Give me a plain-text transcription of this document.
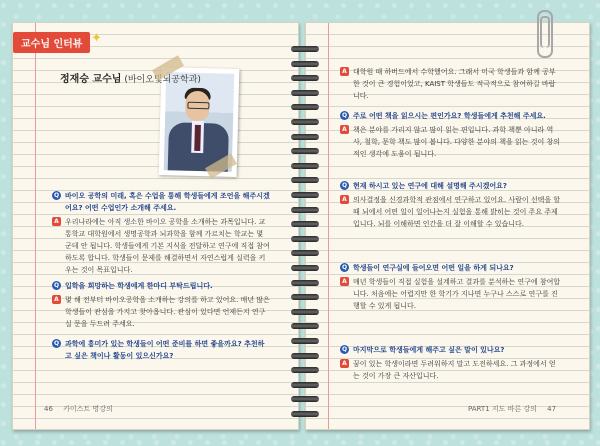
교수님 인터뷰 ✦
정재승 교수님 (바이오및뇌공학과)
Q 바이오 공학의 미래, 혹은 수업을 통해 학생들에게 조언을 해주시겠어요? 어떤 수업인가 소개해 주세요.
A 우리나라에는 아직 생소한 바이오 공학을 소개하는 과목입니다. 교통학교 대학원에서 생명공학과 뇌과학을 함께 가르치는 학교는 몇 군데 안 됩니다. 학생들에게 기본 지식을 전달하고 연구에 직접 참여하도록 합니다. 학생들이 문제를 해결하면서 자연스럽게 실력을 키우는 것이 목표입니다.
Q 입학을 희망하는 학생에게 한마디 부탁드립니다.
A 몇 해 전부터 바이오공학을 소개하는 강의를 하고 있어요. 매년 많은 학생들이 관심을 가지고 찾아옵니다. 관심이 있다면 언제든지 연구실 문을 두드려 주세요.
Q 과학에 흥미가 있는 학생들이 어떤 준비를 하면 좋을까요? 추천하고 싶은 책이나 활동이 있으신가요?
A 대학원 때 하버드에서 수학했어요. 그래서 미국 학생들과 함께 공부한 것이 큰 경험이었고, KAIST 학생들도 적극적으로 참여하길 바랍니다.
Q 주로 어떤 책을 읽으시는 편인가요? 학생들에게 추천해 주세요.
A 책은 분야를 가리지 않고 많이 읽는 편입니다. 과학 책뿐 아니라 역사, 철학, 문학 책도 많이 봅니다. 다양한 분야의 책을 읽는 것이 창의적인 생각에 도움이 됩니다.
Q 현재 하시고 있는 연구에 대해 설명해 주시겠어요?
A 의사결정을 신경과학적 관점에서 연구하고 있어요. 사람이 선택을 할 때 뇌에서 어떤 일이 일어나는지 실험을 통해 밝히는 것이 주요 주제입니다. 뇌를 이해하면 인간을 더 잘 이해할 수 있습니다.
Q 학생들이 연구실에 들어오면 어떤 일을 하게 되나요?
A 매년 학생들이 직접 실험을 설계하고 결과를 분석하는 연구에 참여합니다. 처음에는 어렵지만 한 학기가 지나면 누구나 스스로 연구를 진행할 수 있게 됩니다.
Q 마지막으로 학생들에게 해주고 싶은 말이 있나요?
A 꿈이 있는 학생이라면 두려워하지 말고 도전하세요. 그 과정에서 얻는 것이 가장 큰 자산입니다.
46 카이스트 명강의	PART1 지도 바른 강의 47
